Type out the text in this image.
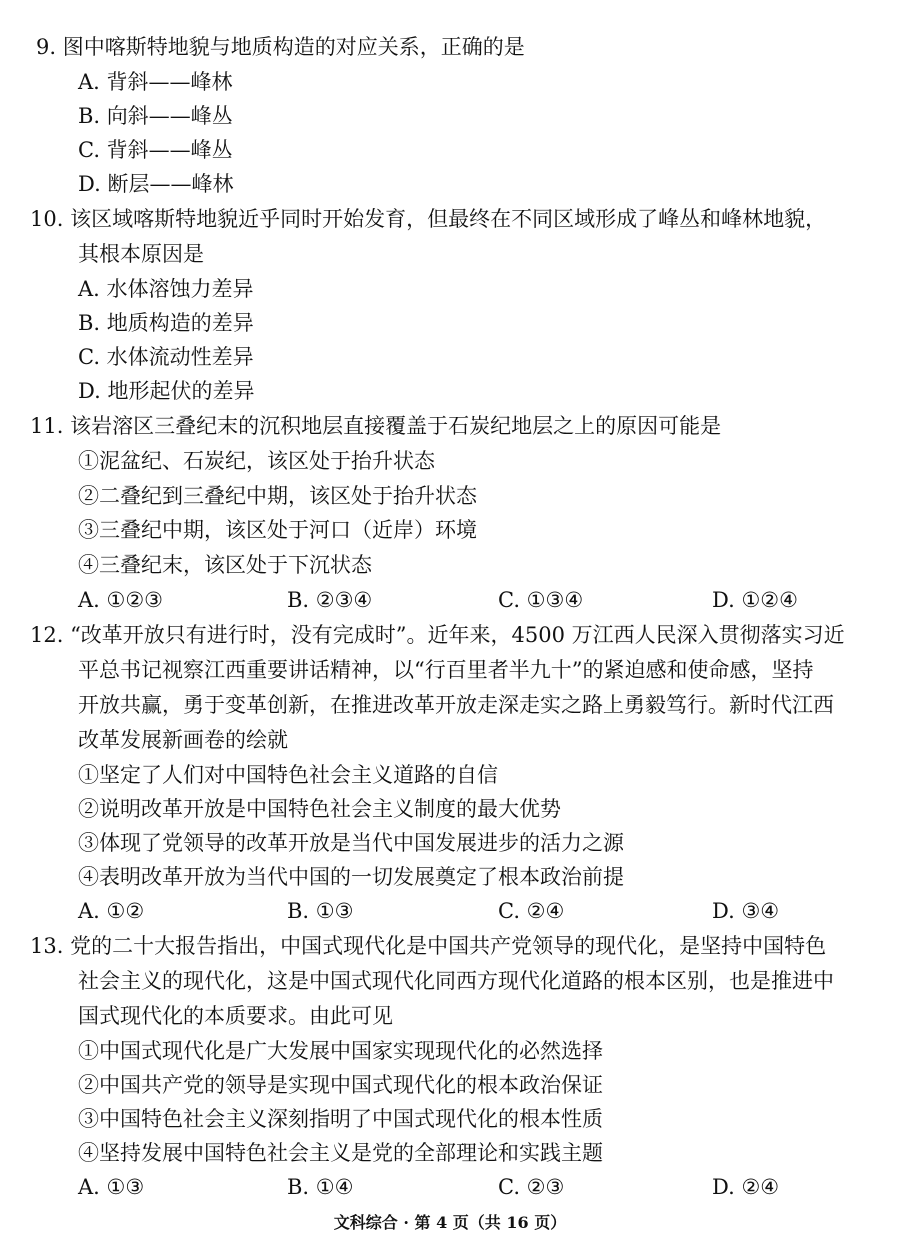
9. 图中喀斯特地貌与地质构造的对应关系，正确的是
A. 背斜——峰林
B. 向斜——峰丛
C. 背斜——峰丛
D. 断层——峰林
10. 该区域喀斯特地貌近乎同时开始发育，但最终在不同区域形成了峰丛和峰林地貌，
其根本原因是
A. 水体溶蚀力差异
B. 地质构造的差异
C. 水体流动性差异
D. 地形起伏的差异
11. 该岩溶区三叠纪末的沉积地层直接覆盖于石炭纪地层之上的原因可能是
①泥盆纪、石炭纪，该区处于抬升状态
②二叠纪到三叠纪中期，该区处于抬升状态
③三叠纪中期，该区处于河口（近岸）环境
④三叠纪末，该区处于下沉状态
A. ①②③	B. ②③④	C. ①③④	D. ①②④
12. “改革开放只有进行时，没有完成时”。近年来，4500 万江西人民深入贯彻落实习近
平总书记视察江西重要讲话精神，以“行百里者半九十”的紧迫感和使命感，坚持
开放共赢，勇于变革创新，在推进改革开放走深走实之路上勇毅笃行。新时代江西
改革发展新画卷的绘就
①坚定了人们对中国特色社会主义道路的自信
②说明改革开放是中国特色社会主义制度的最大优势
③体现了党领导的改革开放是当代中国发展进步的活力之源
④表明改革开放为当代中国的一切发展奠定了根本政治前提
A. ①②	B. ①③	C. ②④	D. ③④
13. 党的二十大报告指出，中国式现代化是中国共产党领导的现代化，是坚持中国特色
社会主义的现代化，这是中国式现代化同西方现代化道路的根本区别，也是推进中
国式现代化的本质要求。由此可见
①中国式现代化是广大发展中国家实现现代化的必然选择
②中国共产党的领导是实现中国式现代化的根本政治保证
③中国特色社会主义深刻指明了中国式现代化的根本性质
④坚持发展中国特色社会主义是党的全部理论和实践主题
A. ①③	B. ①④	C. ②③	D. ②④
文科综合 · 第 4 页（共 16 页）
